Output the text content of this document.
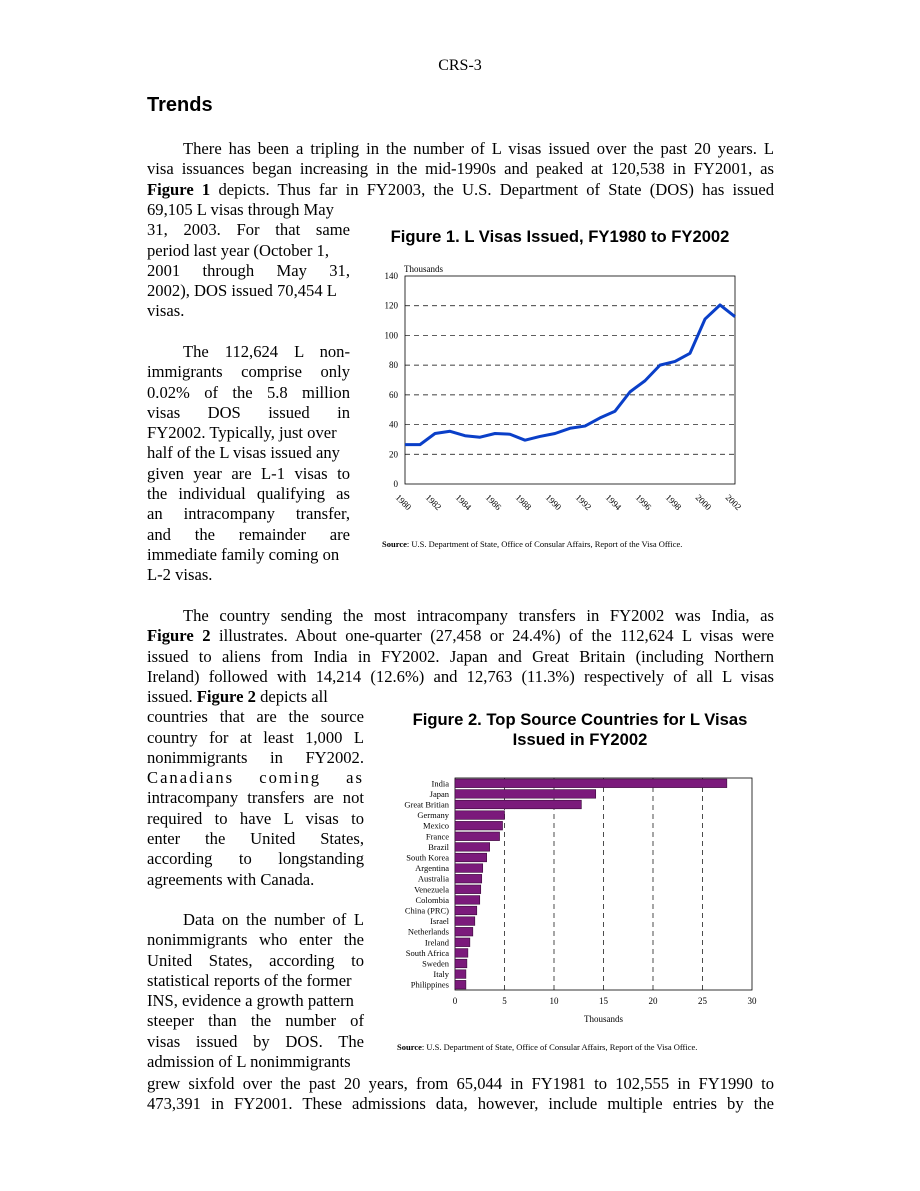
CRS-3
Trends
There has been a tripling in the number of L visas issued over the past 20 years. L
visa issuances began increasing in the mid-1990s and peaked at 120,538 in FY2001, as
Figure 1 depicts. Thus far in FY2003, the U.S. Department of State (DOS) has issued
69,105 L visas through May
31, 2003. For that same
period last year (October 1,
2001 through May 31,
2002), DOS issued 70,454 L
visas.
The 112,624 L non-
immigrants comprise only
0.02% of the 5.8 million
visas DOS issued in
FY2002. Typically, just over
half of the L visas issued any
given year are L-1 visas to
the individual qualifying as
an intracompany transfer,
and the remainder are
immediate family coming on
L-2 visas.
Figure 1. L Visas Issued, FY1980 to FY2002
0
20
40
60
80
100
120
140
Thousands
1980 1982 1984 1986 1988 1990 1992 1994 1996 1998 2000 2002
Source: U.S. Department of State, Office of Consular Affairs, Report of the Visa Office.
The country sending the most intracompany transfers in FY2002 was India, as
Figure 2 illustrates. About one-quarter (27,458 or 24.4%) of the 112,624 L visas were
issued to aliens from India in FY2002. Japan and Great Britain (including Northern
Ireland) followed with 14,214 (12.6%) and 12,763 (11.3%) respectively of all L visas
issued. Figure 2 depicts all
countries that are the source
country for at least 1,000 L
nonimmigrants in FY2002.
Canadians coming as
intracompany transfers are not
required to have L visas to
enter the United States,
according to longstanding
agreements with Canada.
Data on the number of L
nonimmigrants who enter the
United States, according to
statistical reports of the former
INS, evidence a growth pattern
steeper than the number of
visas issued by DOS. The
admission of L nonimmigrants
Figure 2. Top Source Countries for L Visas
Issued in FY2002
0	5	10	15	20	25	30
Thousands
India
Japan
Great Britian
Germany
Mexico
France
Brazil
South Korea
Argentina
Australia
Venezuela
Colombia
China (PRC)
Israel
Netherlands
Ireland
South Africa
Sweden
Italy
Philippines
Source: U.S. Department of State, Office of Consular Affairs, Report of the Visa Office.
grew sixfold over the past 20 years, from 65,044 in FY1981 to 102,555 in FY1990 to
473,391 in FY2001. These admissions data, however, include multiple entries by the
